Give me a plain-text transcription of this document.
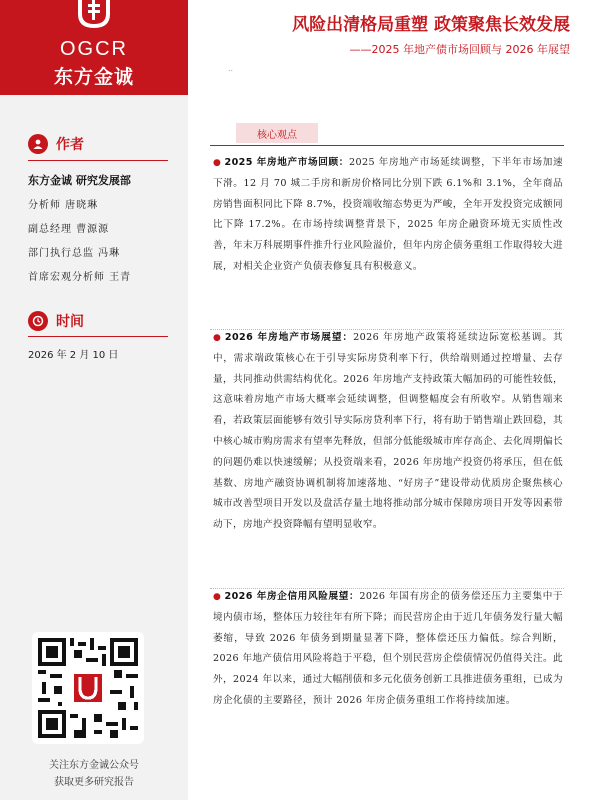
OGCR
东方金诚
作者
东方金诚 研究发展部
分析师 唐晓琳
副总经理 曹源源
部门执行总监 冯琳
首席宏观分析师 王青
时间
2026 年 2 月 10 日
关注东方金诚公众号
获取更多研究报告
风险出清格局重塑 政策聚焦长效发展
——2025 年地产债市场回顾与 2026 年展望
..
核心观点
● 2025 年房地产市场回顾：2025 年房地产市场延续调整，下半年市场加速下滑。12 月 70 城二手房和新房价格同比分别下跌 6.1%和 3.1%，全年商品房销售面积同比下降 8.7%，投资端收缩态势更为严峻，全年开发投资完成额同比下降 17.2%。在市场持续调整背景下，2025 年房企融资环境无实质性改善，年末万科展期事件推升行业风险溢价，但年内房企债务重组工作取得较大进展，对相关企业资产负债表修复具有积极意义。
● 2026 年房地产市场展望：2026 年房地产政策将延续边际宽松基调。其中，需求端政策核心在于引导实际房贷利率下行，供给端则通过控增量、去存量，共同推动供需结构优化。2026 年房地产支持政策大幅加码的可能性较低，这意味着房地产市场大概率会延续调整，但调整幅度会有所收窄。从销售端来看，若政策层面能够有效引导实际房贷利率下行，将有助于销售端止跌回稳，其中核心城市购房需求有望率先释放，但部分低能级城市库存高企、去化周期偏长的问题仍难以快速缓解；从投资端来看，2026 年房地产投资仍将承压，但在低基数、房地产融资协调机制将加速落地、“好房子”建设带动优质房企聚焦核心城市改善型项目开发以及盘活存量土地将推动部分城市保障房项目开发等因素带动下，房地产投资降幅有望明显收窄。
● 2026 年房企信用风险展望：2026 年国有房企的债务偿还压力主要集中于境内债市场，整体压力较往年有所下降；而民营房企由于近几年债务发行量大幅萎缩，导致 2026 年债务到期量显著下降，整体偿还压力偏低。综合判断，2026 年地产债信用风险将趋于平稳，但个别民营房企偿债情况仍值得关注。此外，2024 年以来，通过大幅削债和多元化债务创新工具推进债务重组，已成为房企化债的主要路径，预计 2026 年房企债务重组工作将持续加速。
